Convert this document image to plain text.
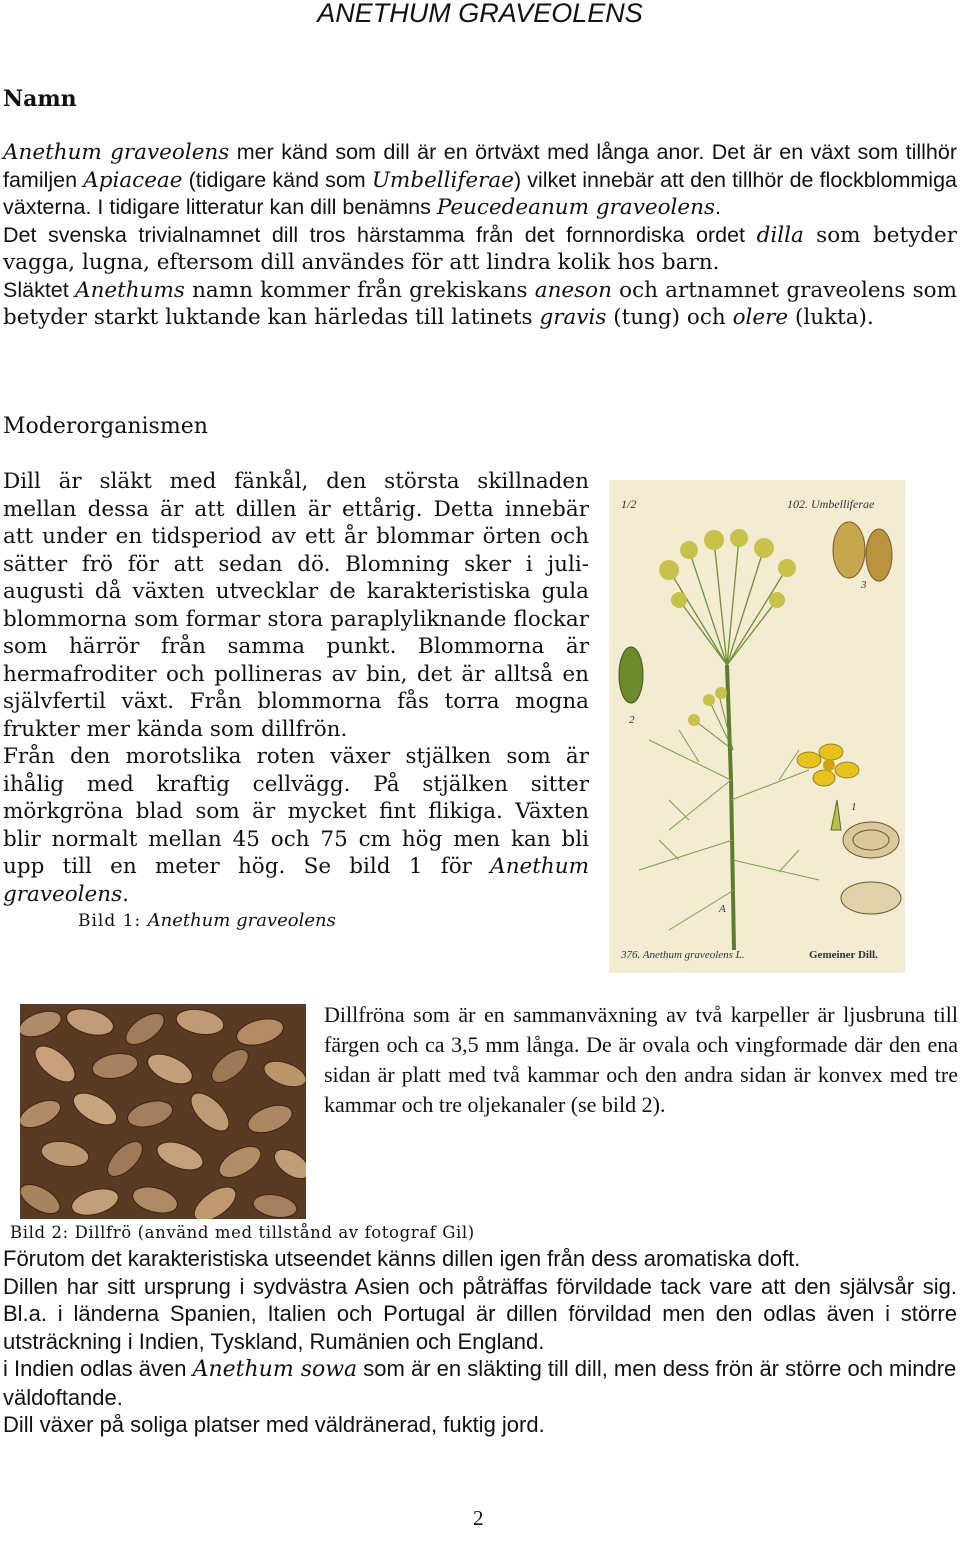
ANETHUM GRAVEOLENS
Namn

Anethum graveolens mer känd som dill är en örtväxt med långa anor. Det är en växt som tillhör familjen Apiaceae (tidigare känd som Umbelliferae) vilket innebär att den tillhör de flockblommiga växterna. I tidigare litteratur kan dill benämns Peucedeanum graveolens.

Det svenska trivialnamnet dill tros härstamma från det fornnordiska ordet dilla som betyder vagga, lugna, eftersom dill användes för att lindra kolik hos barn.

Släktet Anethums namn kommer från grekiskans aneson och artnamnet graveolens som betyder starkt luktande kan härledas till latinets gravis (tung) och olere (lukta).

Moderorganismen

Dill är släkt med fänkål, den största skillnaden mellan dessa är att dillen är ettårig. Detta innebär att under en tidsperiod av ett år blommar örten och sätter frö för att sedan dö. Blomning sker i juli-augusti då växten utvecklar de karakteristiska gula blommorna som formar stora paraplyliknande flockar som härrör från samma punkt. Blommorna är hermafroditer och pollineras av bin, det är alltså en självfertil växt. Från blommorna fås torra mogna frukter mer kända som dillfrön.

Från den morotslika roten växer stjälken som är ihålig med kraftig cellvägg. På stjälken sitter mörkgröna blad som är mycket fint flikiga. Växten blir normalt mellan 45 och 75 cm hög men kan bli upp till en meter hög. Se bild 1 för Anethum graveolens.

Bild 1: Anethum graveolens
1/2	102. Umbelliferae
376. Anethum graveolens L.	Gemeiner Dill.
A
1
2
3

Dillfröna som är en sammanväxning av två karpeller är ljusbruna till färgen och ca 3,5 mm långa. De är ovala och vingformade där den ena sidan är platt med två kammar och den andra sidan är konvex med tre kammar och tre oljekanaler (se bild 2).

Bild 2: Dillfrö (använd med tillstånd av fotograf Gil)

Förutom det karakteristiska utseendet känns dillen igen från dess aromatiska doft.

Dillen har sitt ursprung i sydvästra Asien och påträffas förvildade tack vare att den självsår sig. Bl.a. i länderna Spanien, Italien och Portugal är dillen förvildad men den odlas även i större utsträckning i Indien, Tyskland, Rumänien och England.

i Indien odlas även Anethum sowa som är en släkting till dill, men dess frön är större och mindre väldoftande.

Dill växer på soliga platser med väldränerad, fuktig jord.

2
